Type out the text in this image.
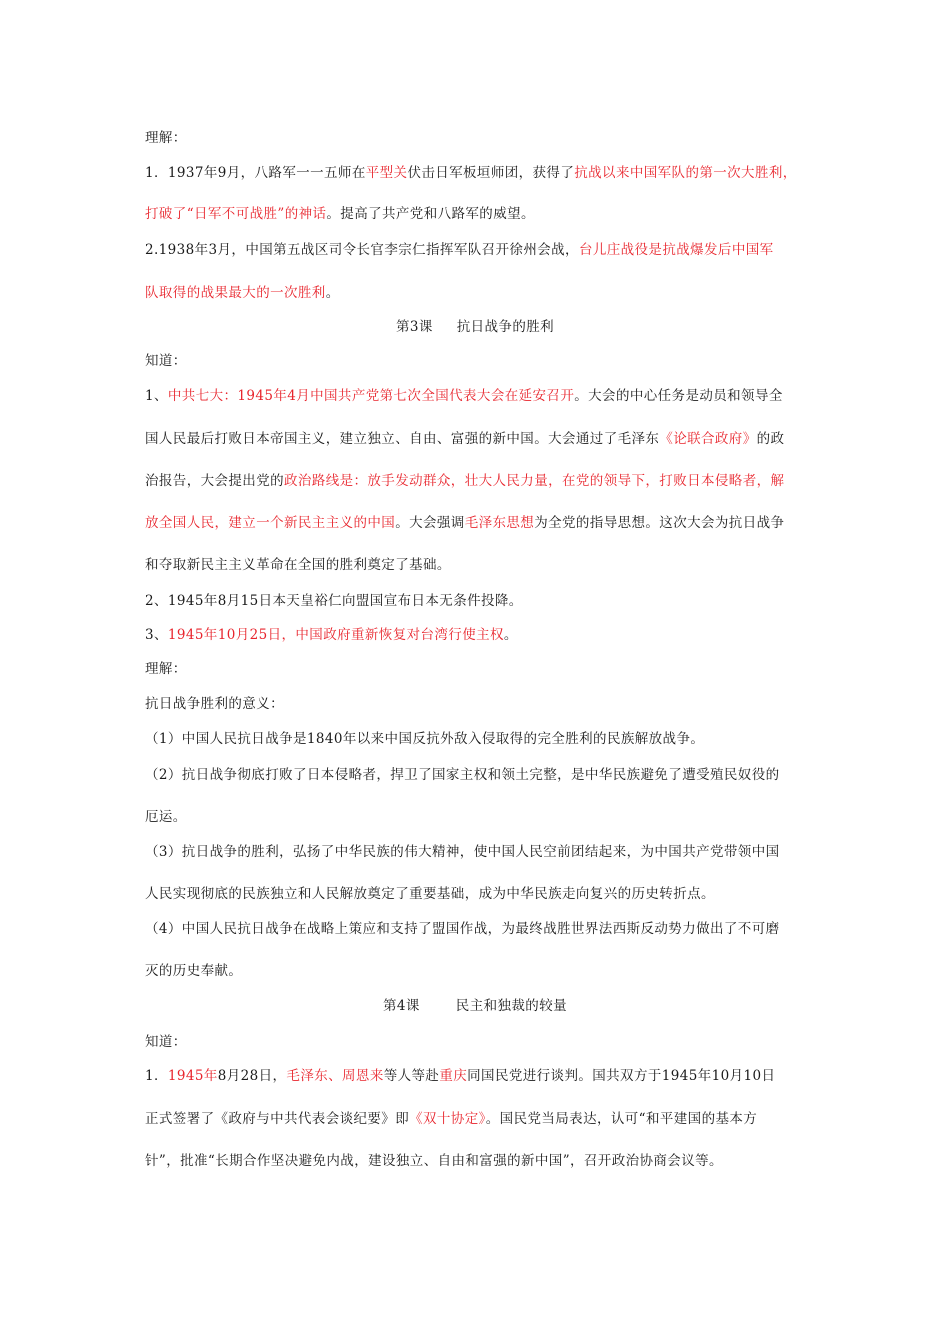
理解：
1．1937年9月，八路军一一五师在平型关伏击日军板垣师团，获得了抗战以来中国军队的第一次大胜利，
打破了“日军不可战胜”的神话。提高了共产党和八路军的威望。
2.1938年3月，中国第五战区司令长官李宗仁指挥军队召开徐州会战，台儿庄战役是抗战爆发后中国军
队取得的战果最大的一次胜利。
第3课 抗日战争的胜利
知道：
1、中共七大：1945年4月中国共产党第七次全国代表大会在延安召开。大会的中心任务是动员和领导全
国人民最后打败日本帝国主义，建立独立、自由、富强的新中国。大会通过了毛泽东《论联合政府》的政
治报告，大会提出党的政治路线是：放手发动群众，壮大人民力量，在党的领导下，打败日本侵略者，解
放全国人民，建立一个新民主主义的中国。大会强调毛泽东思想为全党的指导思想。这次大会为抗日战争
和夺取新民主主义革命在全国的胜利奠定了基础。
2、1945年8月15日本天皇裕仁向盟国宣布日本无条件投降。
3、1945年10月25日，中国政府重新恢复对台湾行使主权。
理解：
抗日战争胜利的意义：
（1）中国人民抗日战争是1840年以来中国反抗外敌入侵取得的完全胜利的民族解放战争。
（2）抗日战争彻底打败了日本侵略者，捍卫了国家主权和领土完整，是中华民族避免了遭受殖民奴役的
厄运。
（3）抗日战争的胜利，弘扬了中华民族的伟大精神，使中国人民空前团结起来，为中国共产党带领中国
人民实现彻底的民族独立和人民解放奠定了重要基础，成为中华民族走向复兴的历史转折点。
（4）中国人民抗日战争在战略上策应和支持了盟国作战，为最终战胜世界法西斯反动势力做出了不可磨
灭的历史奉献。
第4课	民主和独裁的较量
知道：
1．1945年8月28日，毛泽东、周恩来等人等赴重庆同国民党进行谈判。国共双方于1945年10月10日
正式签署了《政府与中共代表会谈纪要》即《双十协定》。国民党当局表达，认可“和平建国的基本方
针”，批准“长期合作坚决避免内战，建设独立、自由和富强的新中国”，召开政治协商会议等。
